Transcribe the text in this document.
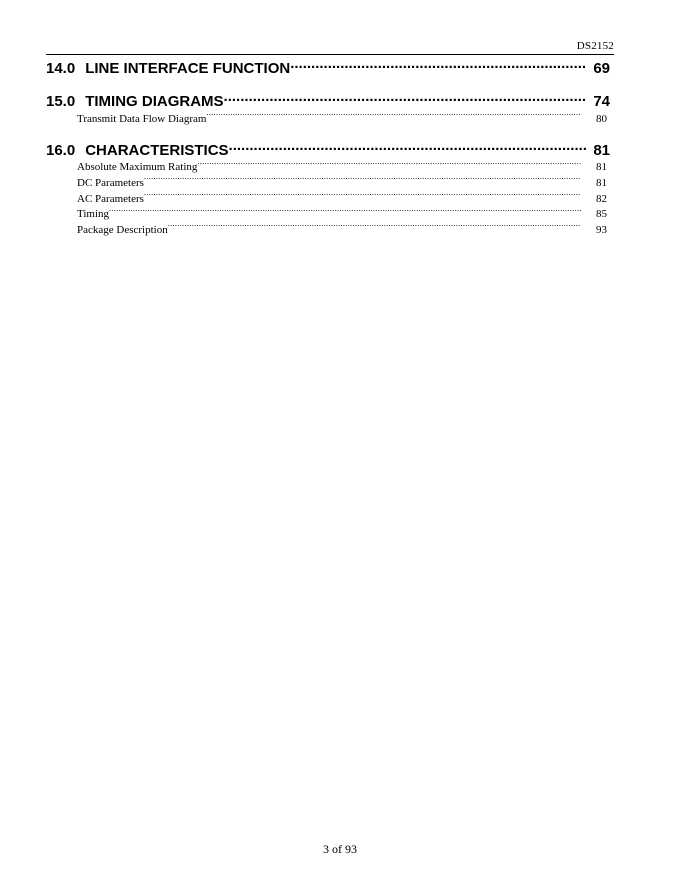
DS2152
14.0 LINE INTERFACE FUNCTION .....	69
15.0 TIMING DIAGRAMS .....	74
Transmit Data Flow Diagram .....	80
16.0 CHARACTERISTICS .....	81
Absolute Maximum Rating .....	81
DC Parameters .....	81
AC Parameters .....	82
Timing .....	85
Package Description .....	93
3 of 93
